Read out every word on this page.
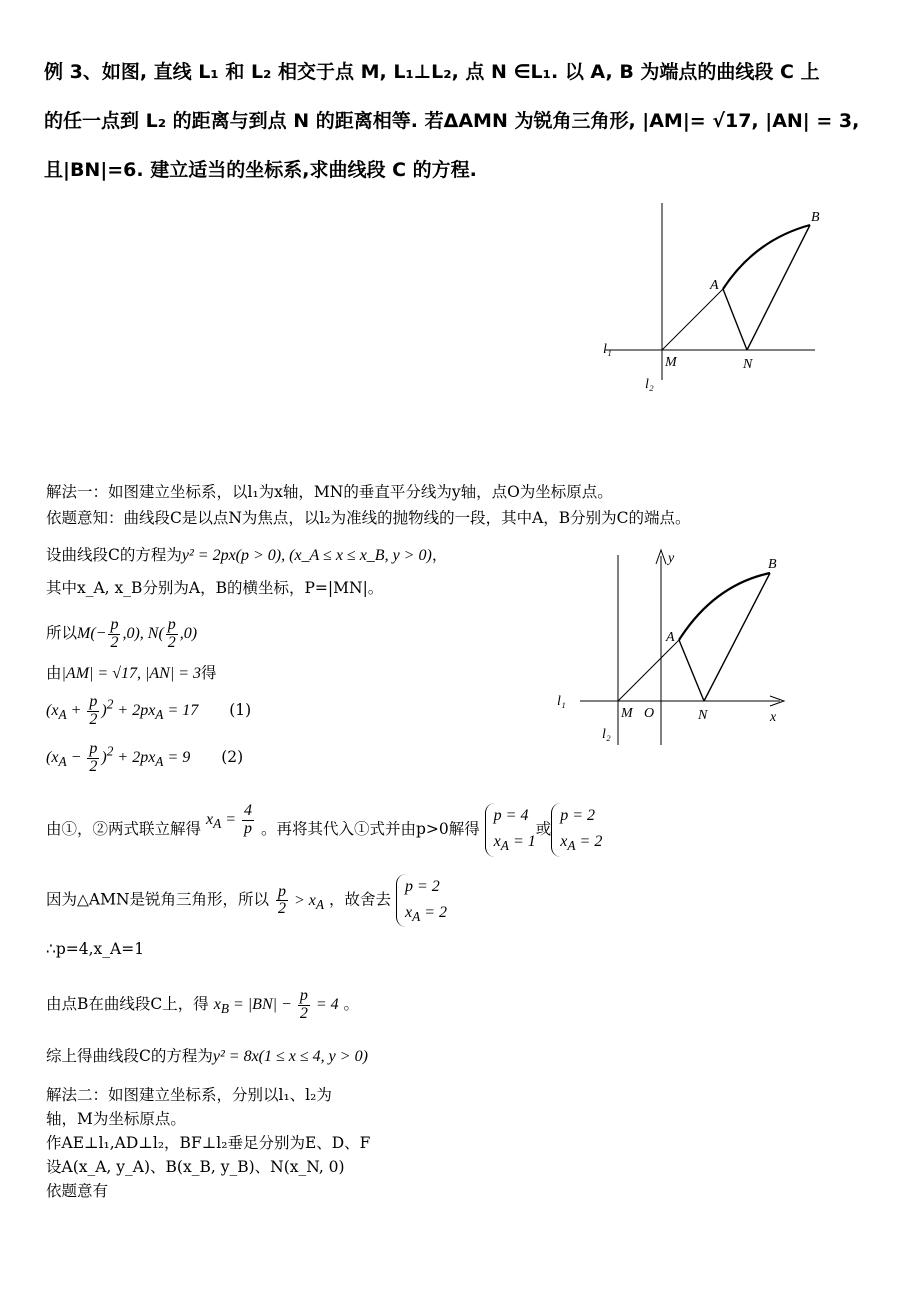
例 3、如图, 直线 L₁ 和 L₂ 相交于点 M, L₁⊥L₂, 点 N ∈L₁. 以 A, B 为端点的曲线段 C 上
的任一点到 L₂ 的距离与到点 N 的距离相等. 若ΔAMN 为锐角三角形, |AM|= √17, |AN| = 3,
且|BN|=6. 建立适当的坐标系,求曲线段 C 的方程.
B
A
l₁
M	N
l₂
解法一：如图建立坐标系，以l₁为x轴，MN的垂直平分线为y轴，点O为坐标原点。
依题意知：曲线段C是以点N为焦点，以l₂为准线的抛物线的一段，其中A，B分别为C的端点。
设曲线段C的方程为y² = 2px(p > 0), (x_A ≤ x ≤ x_B, y > 0)，
其中x_A, x_B分别为A，B的横坐标，P=|MN|。
所以$M(- \frac{p}{2} ,0)$, $N( \frac{p}{2} ,0)$
由|AM| = √17, |AN| = 3得
$(x_A + \frac{p}{2} )^2 + 2px_A = 17$ (1)
$(x_A - \frac{p}{2} )^2 + 2px_A = 9$ (2)
由①，②两式联立解得 $x_A = \frac{4}{p}$ 。再将其代入①式并由p>0解得 p = 4
$x_A = 1$或p = 2
$x_A = 2$
因为△AMN是锐角三角形，所以 $\frac{p}{2} > x_A$ ，故舍去 p = 2
$x_A = 2$
∴p=4,x_A=1
由点B在曲线段C上，得 $x_B = |BN| - \frac{p}{2} = 4$ 。
综上得曲线段C的方程为y² = 8x(1 ≤ x ≤ 4, y > 0)
解法二：如图建立坐标系，分别以l₁、l₂为
轴，M为坐标原点。
作AE⊥l₁,AD⊥l₂，BF⊥l₂垂足分别为E、D、F
设A(x_A, y_A)、B(x_B, y_B)、N(x_N, 0)
依题意有
y	B
A
l₁
M O	N	x
l₂
